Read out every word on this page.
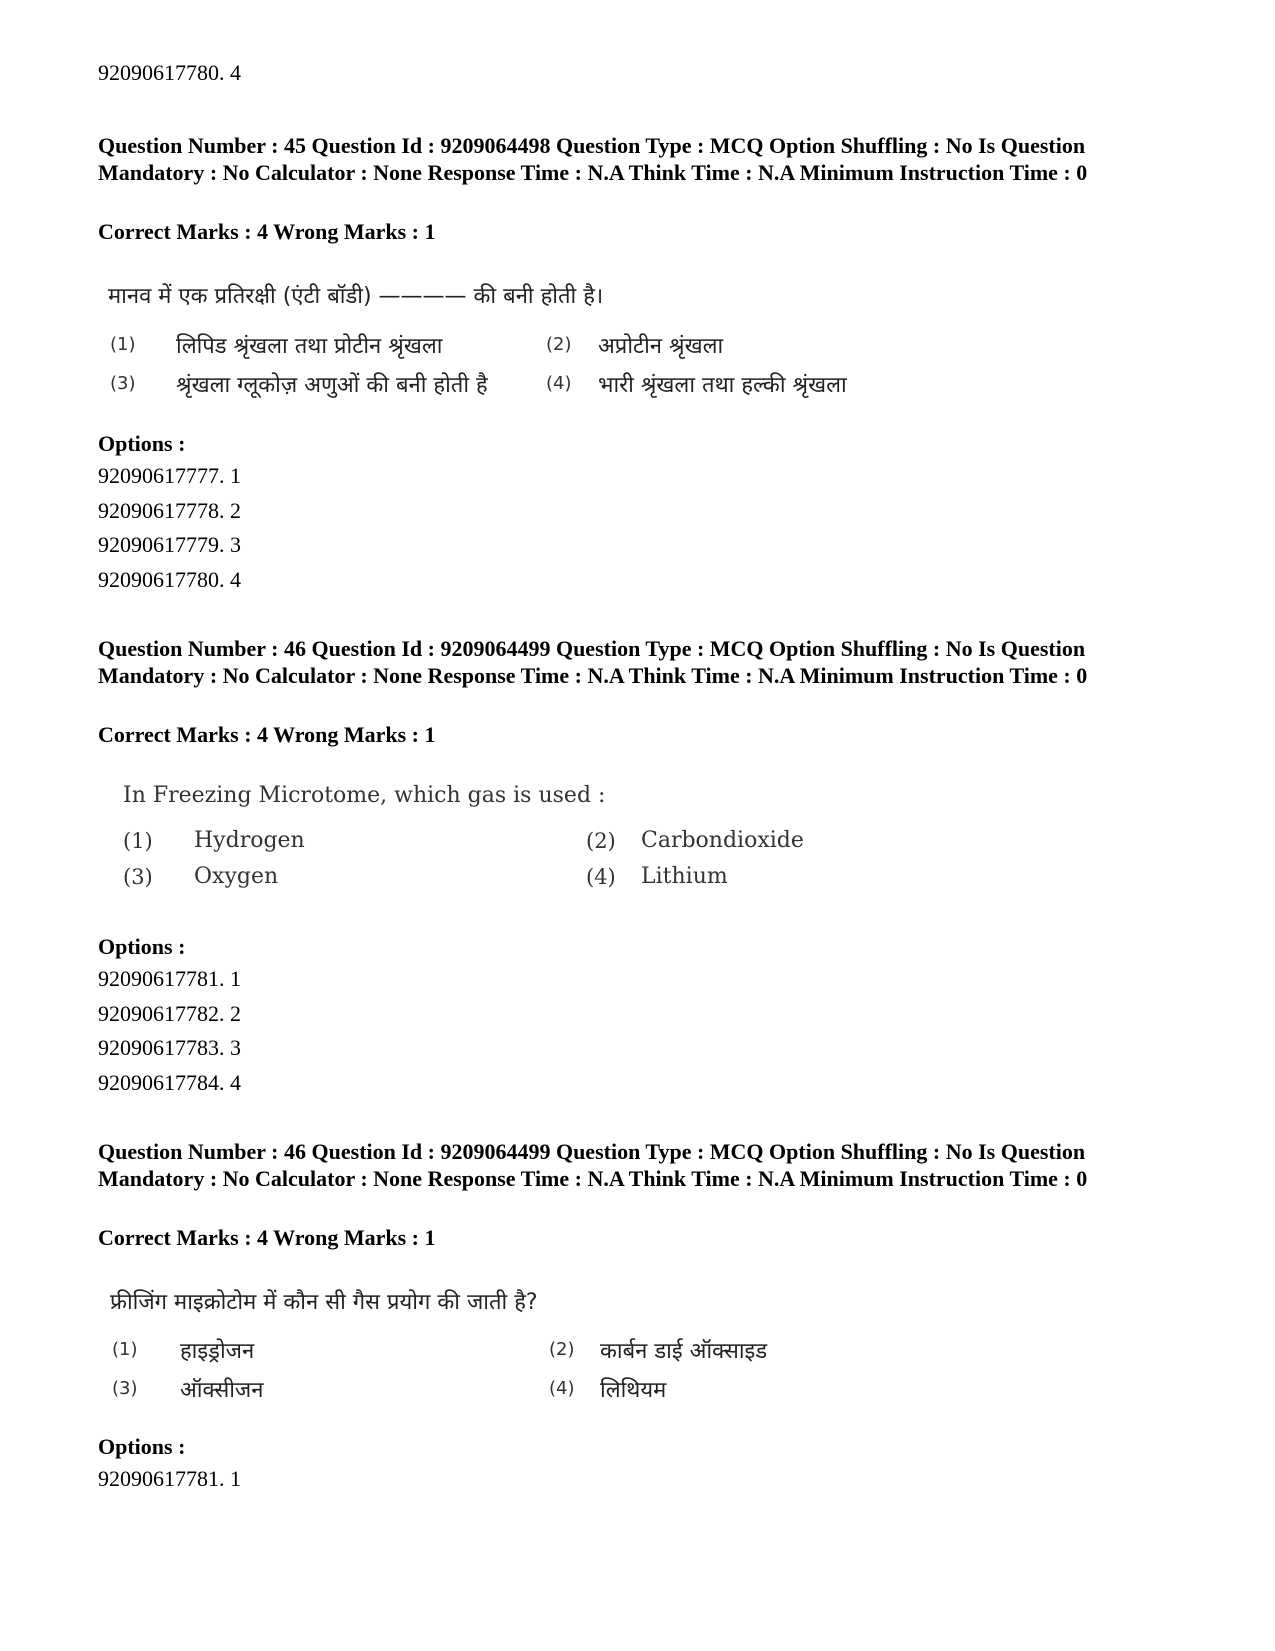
92090617780. 4
Question Number : 45 Question Id : 9209064498 Question Type : MCQ Option Shuffling : No Is Question Mandatory : No Calculator : None Response Time : N.A Think Time : N.A Minimum Instruction Time : 0
Correct Marks : 4 Wrong Marks : 1
मानव में एक प्रतिरक्षी (एंटी बॉडी) ———— की बनी होती है।
(1) लिपिड श्रृंखला तथा प्रोटीन श्रृंखला	(2) अप्रोटीन श्रृंखला
(3) श्रृंखला ग्लूकोज़ अणुओं की बनी होती है	(4) भारी श्रृंखला तथा हल्की श्रृंखला
Options :
92090617777. 1
92090617778. 2
92090617779. 3
92090617780. 4
Question Number : 46 Question Id : 9209064499 Question Type : MCQ Option Shuffling : No Is Question Mandatory : No Calculator : None Response Time : N.A Think Time : N.A Minimum Instruction Time : 0
Correct Marks : 4 Wrong Marks : 1
In Freezing Microtome, which gas is used :
(1) Hydrogen	(2) Carbondioxide
(3) Oxygen	(4) Lithium
Options :
92090617781. 1
92090617782. 2
92090617783. 3
92090617784. 4
Question Number : 46 Question Id : 9209064499 Question Type : MCQ Option Shuffling : No Is Question Mandatory : No Calculator : None Response Time : N.A Think Time : N.A Minimum Instruction Time : 0
Correct Marks : 4 Wrong Marks : 1
फ्रीजिंग माइक्रोटोम में कौन सी गैस प्रयोग की जाती है?
(1) हाइड्रोजन	(2) कार्बन डाई ऑक्साइड
(3) ऑक्सीजन	(4) लिथियम
Options :
92090617781. 1
